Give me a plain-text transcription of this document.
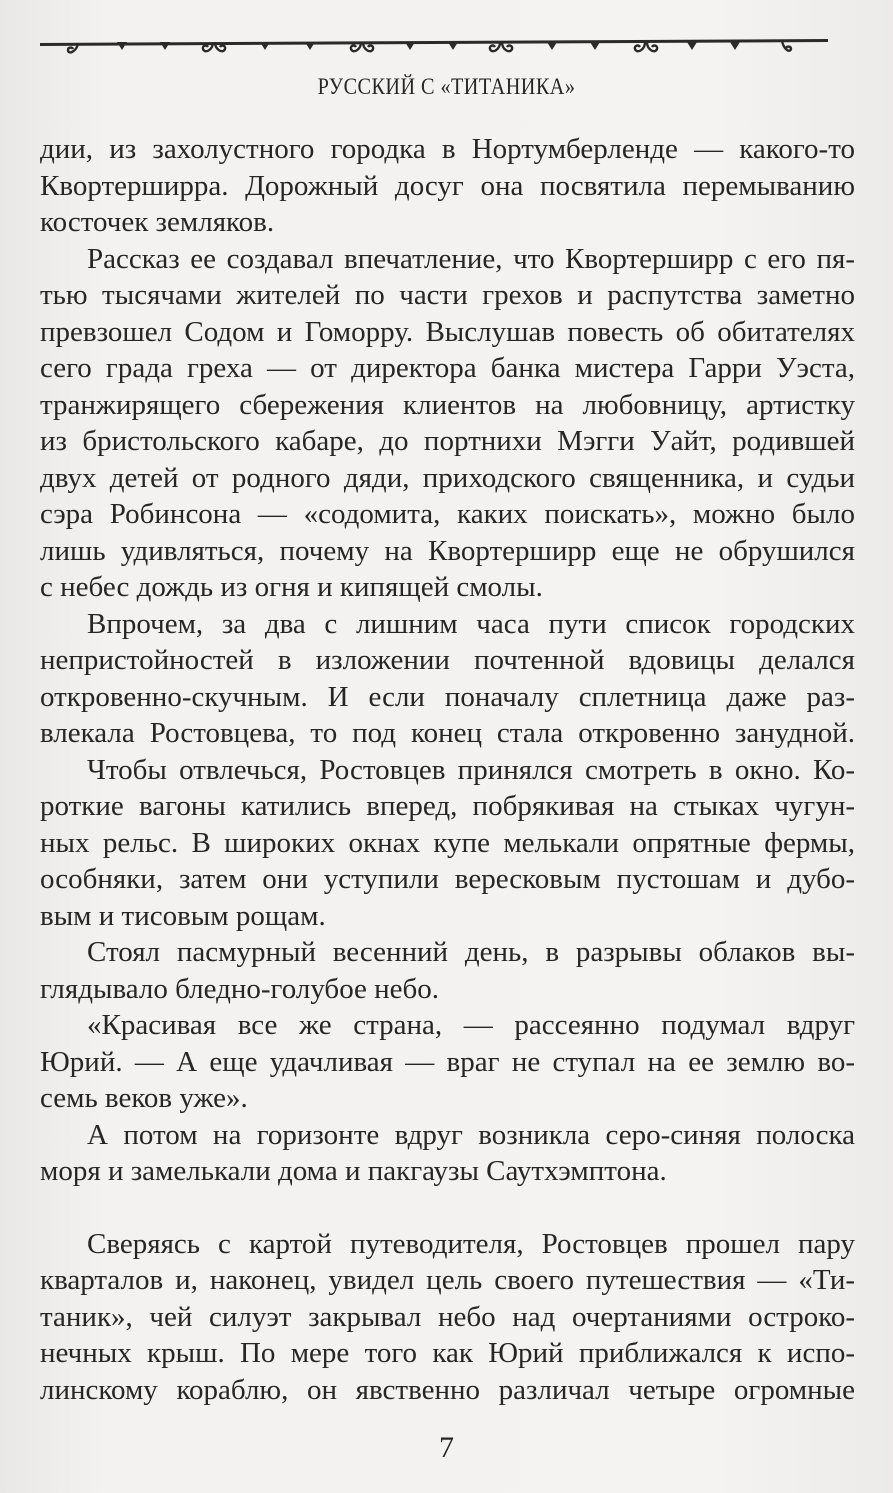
РУССКИЙ С «ТИТАНИКА»
дии, из захолустного городка в Нортумберленде — какого-то
Квортерширра. Дорожный досуг она посвятила перемыванию
косточек земляков.
Рассказ ее создавал впечатление, что Квортерширр с его пя-
тью тысячами жителей по части грехов и распутства заметно
превзошел Содом и Гоморру. Выслушав повесть об обитателях
сего града греха — от директора банка мистера Гарри Уэста,
транжирящего сбережения клиентов на любовницу, артистку
из бристольского кабаре, до портнихи Мэгги Уайт, родившей
двух детей от родного дяди, приходского священника, и судьи
сэра Робинсона — «содомита, каких поискать», можно было
лишь удивляться, почему на Квортерширр еще не обрушился
с небес дождь из огня и кипящей смолы.
Впрочем, за два с лишним часа пути список городских
непристойностей в изложении почтенной вдовицы делался
откровенно-скучным. И если поначалу сплетница даже раз-
влекала Ростовцева, то под конец стала откровенно занудной.
Чтобы отвлечься, Ростовцев принялся смотреть в окно. Ко-
роткие вагоны катились вперед, побрякивая на стыках чугун-
ных рельс. В широких окнах купе мелькали опрятные фермы,
особняки, затем они уступили вересковым пустошам и дубо-
вым и тисовым рощам.
Стоял пасмурный весенний день, в разрывы облаков вы-
глядывало бледно-голубое небо.
«Красивая все же страна, — рассеянно подумал вдруг
Юрий. — А еще удачливая — враг не ступал на ее землю во-
семь веков уже».
А потом на горизонте вдруг возникла серо-синяя полоска
моря и замелькали дома и пакгаузы Саутхэмптона.
Сверяясь с картой путеводителя, Ростовцев прошел пару
кварталов и, наконец, увидел цель своего путешествия — «Ти-
таник», чей силуэт закрывал небо над очертаниями остроко-
нечных крыш. По мере того как Юрий приближался к испо-
линскому кораблю, он явственно различал четыре огромные
7
